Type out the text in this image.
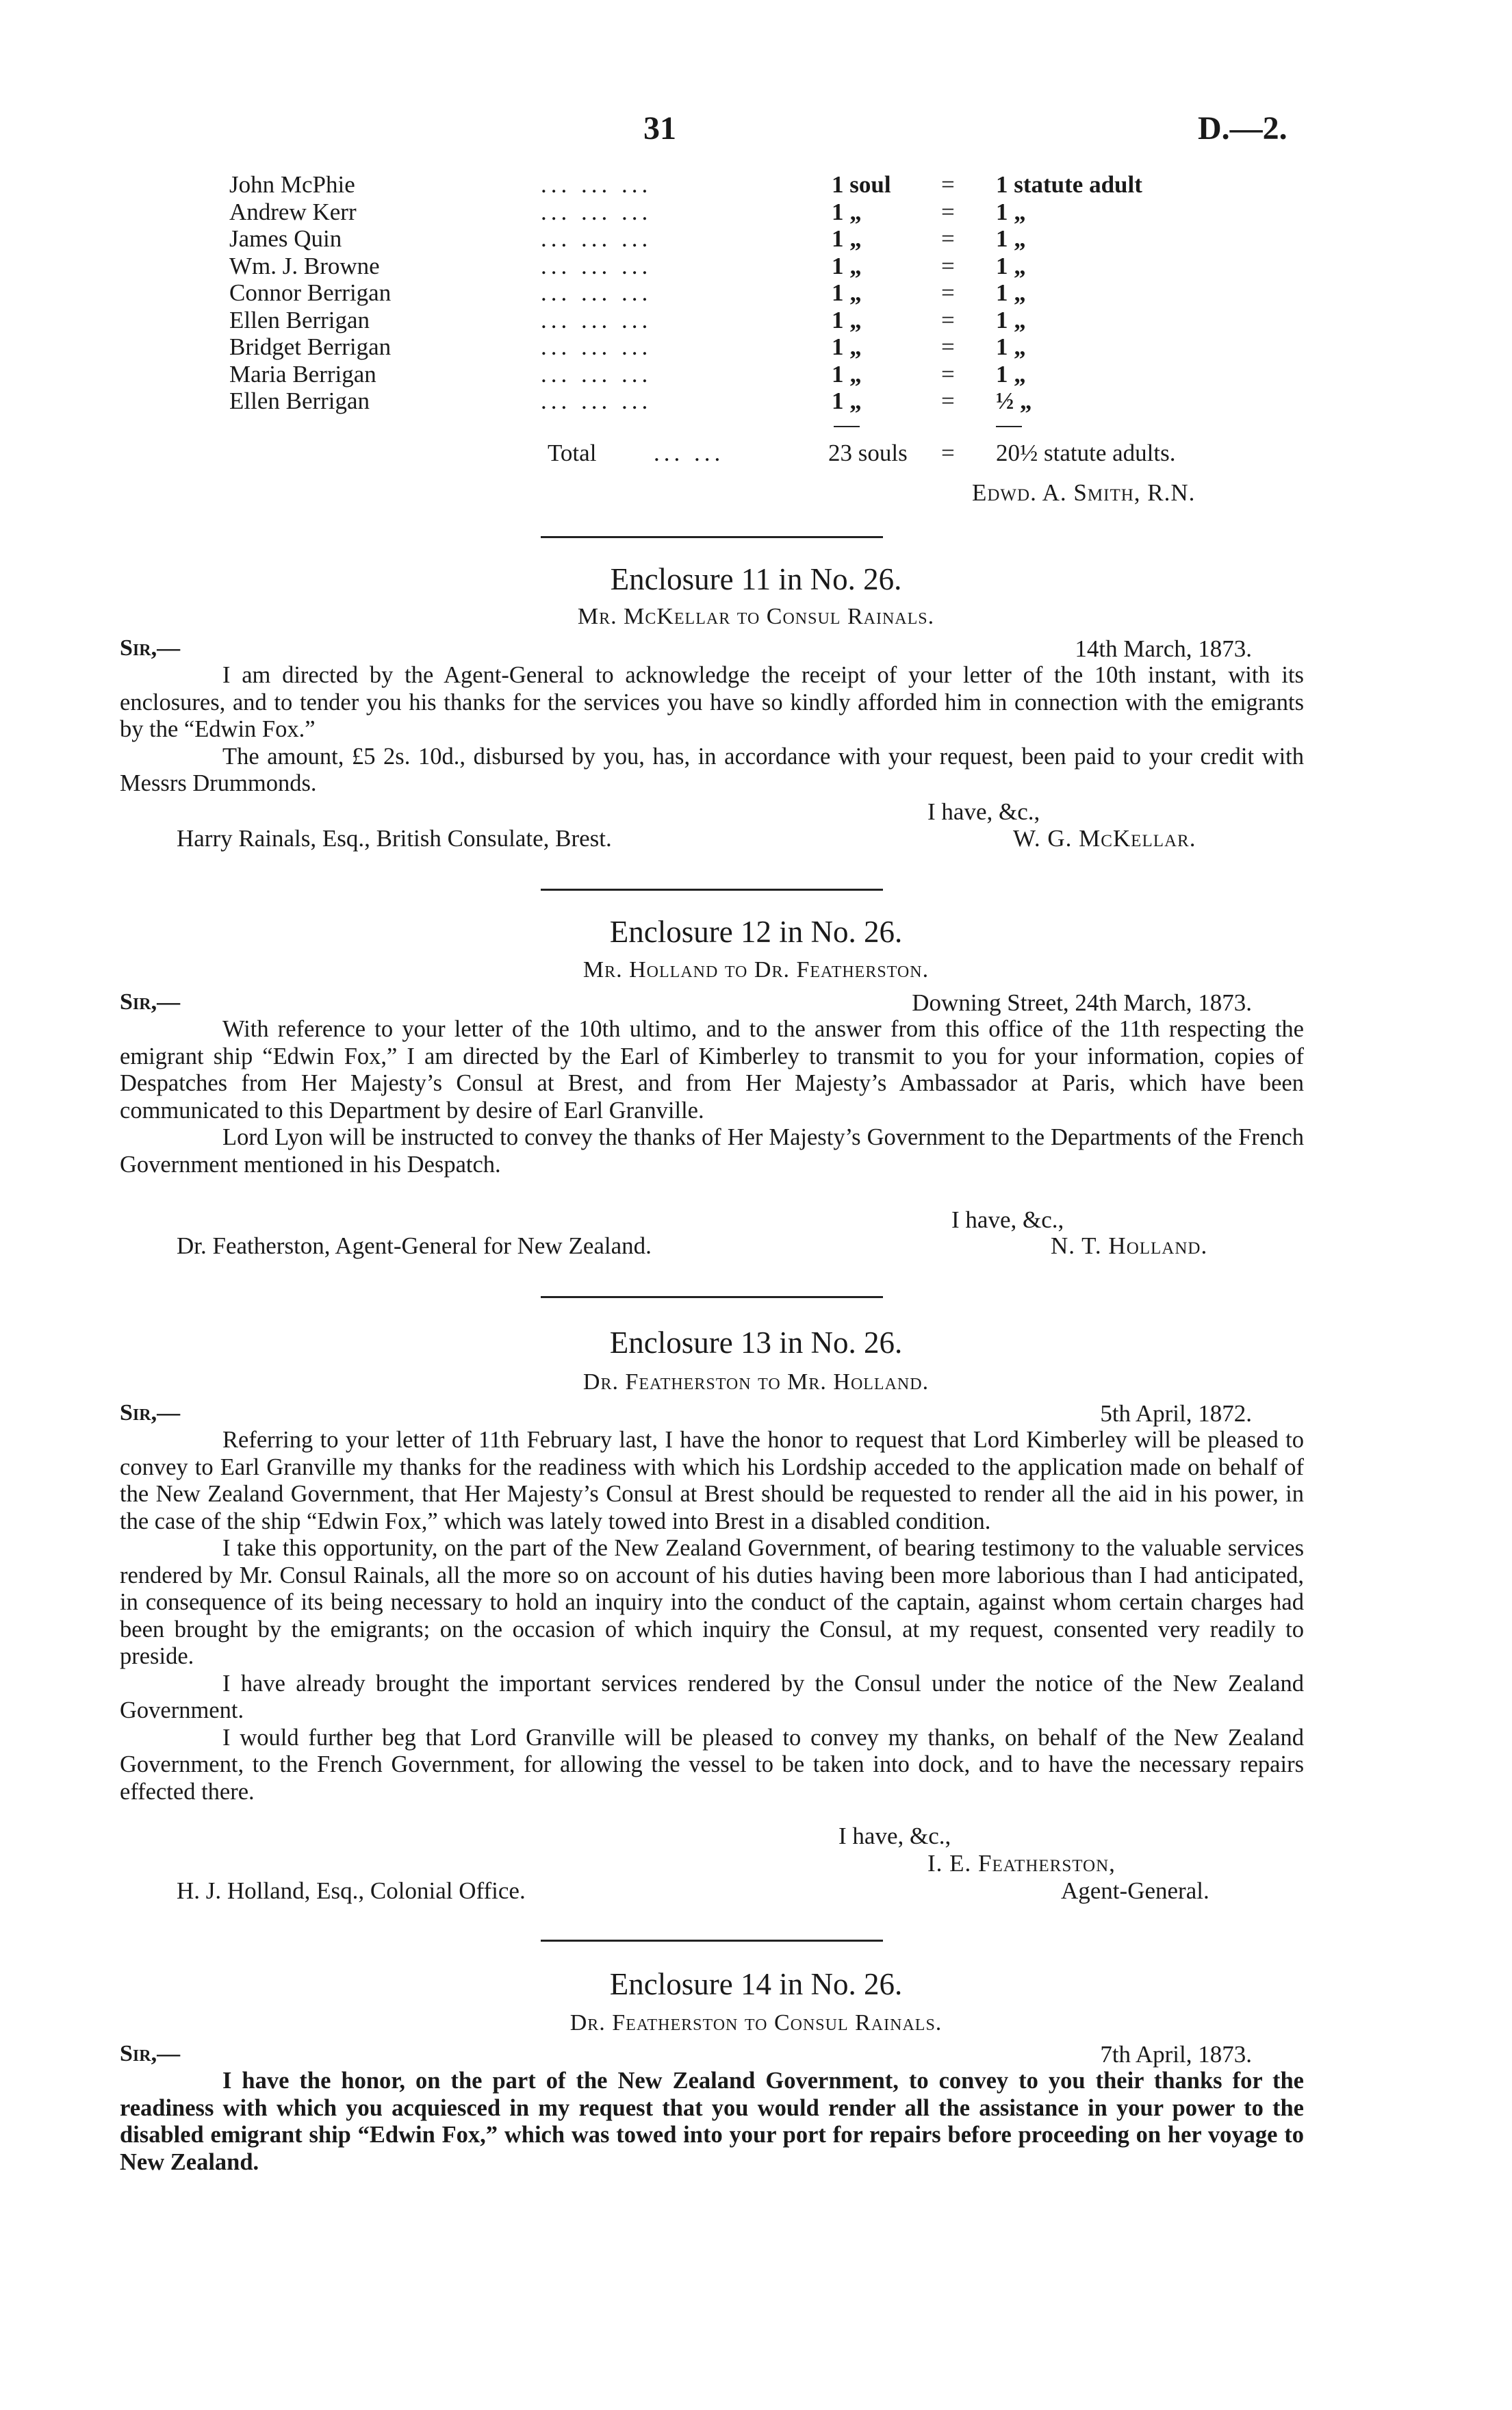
31	D.—2.
John McPhie	... ... ...	1 soul = 1 statute adult
Andrew Kerr	... ... ...	1 „	= 1 „
James Quin	... ... ...	1 „	= 1 „
Wm. J. Browne	... ... ...	1 „	= 1 „
Connor Berrigan	... ... ...	1 „	= 1 „
Ellen Berrigan	... ... ...	1 „	= 1 „
Bridget Berrigan	... ... ...	1 „	= 1 „
Maria Berrigan	... ... ...	1 „	= 1 „
Ellen Berrigan	... ... ...	1 „	= ½ „
Total ... ...	23 souls = 20½ statute adults.
Edwd. A. Smith, R.N.
Enclosure 11 in No. 26.
Mr. McKellar to Consul Rainals.
Sir,—	14th March, 1873.

I am directed by the Agent-General to acknowledge the receipt of your letter of the 10th instant, with its enclosures, and to tender you his thanks for the services you have so kindly afforded him in connection with the emigrants by the “Edwin Fox.”

The amount, £5 2s. 10d., disbursed by you, has, in accordance with your request, been paid to your credit with Messrs Drummonds.

I have, &c.,
Harry Rainals, Esq., British Consulate, Brest.	W. G. McKellar.
Enclosure 12 in No. 26.
Mr. Holland to Dr. Featherston.
Sir,—	Downing Street, 24th March, 1873.

With reference to your letter of the 10th ultimo, and to the answer from this office of the 11th respecting the emigrant ship “Edwin Fox,” I am directed by the Earl of Kimberley to transmit to you for your information, copies of Despatches from Her Majesty’s Consul at Brest, and from Her Majesty’s Ambassador at Paris, which have been communicated to this Department by desire of Earl Granville.

Lord Lyon will be instructed to convey the thanks of Her Majesty’s Government to the Departments of the French Government mentioned in his Despatch.

I have, &c.,
Dr. Featherston, Agent-General for New Zealand.	N. T. Holland.
Enclosure 13 in No. 26.
Dr. Featherston to Mr. Holland.
Sir,—	5th April, 1872.

Referring to your letter of 11th February last, I have the honor to request that Lord Kimberley will be pleased to convey to Earl Granville my thanks for the readiness with which his Lordship acceded to the application made on behalf of the New Zealand Government, that Her Majesty’s Consul at Brest should be requested to render all the aid in his power, in the case of the ship “Edwin Fox,” which was lately towed into Brest in a disabled condition.

I take this opportunity, on the part of the New Zealand Government, of bearing testimony to the valuable services rendered by Mr. Consul Rainals, all the more so on account of his duties having been more laborious than I had anticipated, in consequence of its being necessary to hold an inquiry into the conduct of the captain, against whom certain charges had been brought by the emigrants; on the occasion of which inquiry the Consul, at my request, consented very readily to preside.

I have already brought the important services rendered by the Consul under the notice of the New Zealand Government.

I would further beg that Lord Granville will be pleased to convey my thanks, on behalf of the New Zealand Government, to the French Government, for allowing the vessel to be taken into dock, and to have the necessary repairs effected there.

I have, &c.,
I. E. Featherston,
H. J. Holland, Esq., Colonial Office.	Agent-General.
Enclosure 14 in No. 26.
Dr. Featherston to Consul Rainals.
Sir,—	7th April, 1873.

I have the honor, on the part of the New Zealand Government, to convey to you their thanks for the readiness with which you acquiesced in my request that you would render all the assistance in your power to the disabled emigrant ship “Edwin Fox,” which was towed into your port for repairs before proceeding on her voyage to New Zealand.
